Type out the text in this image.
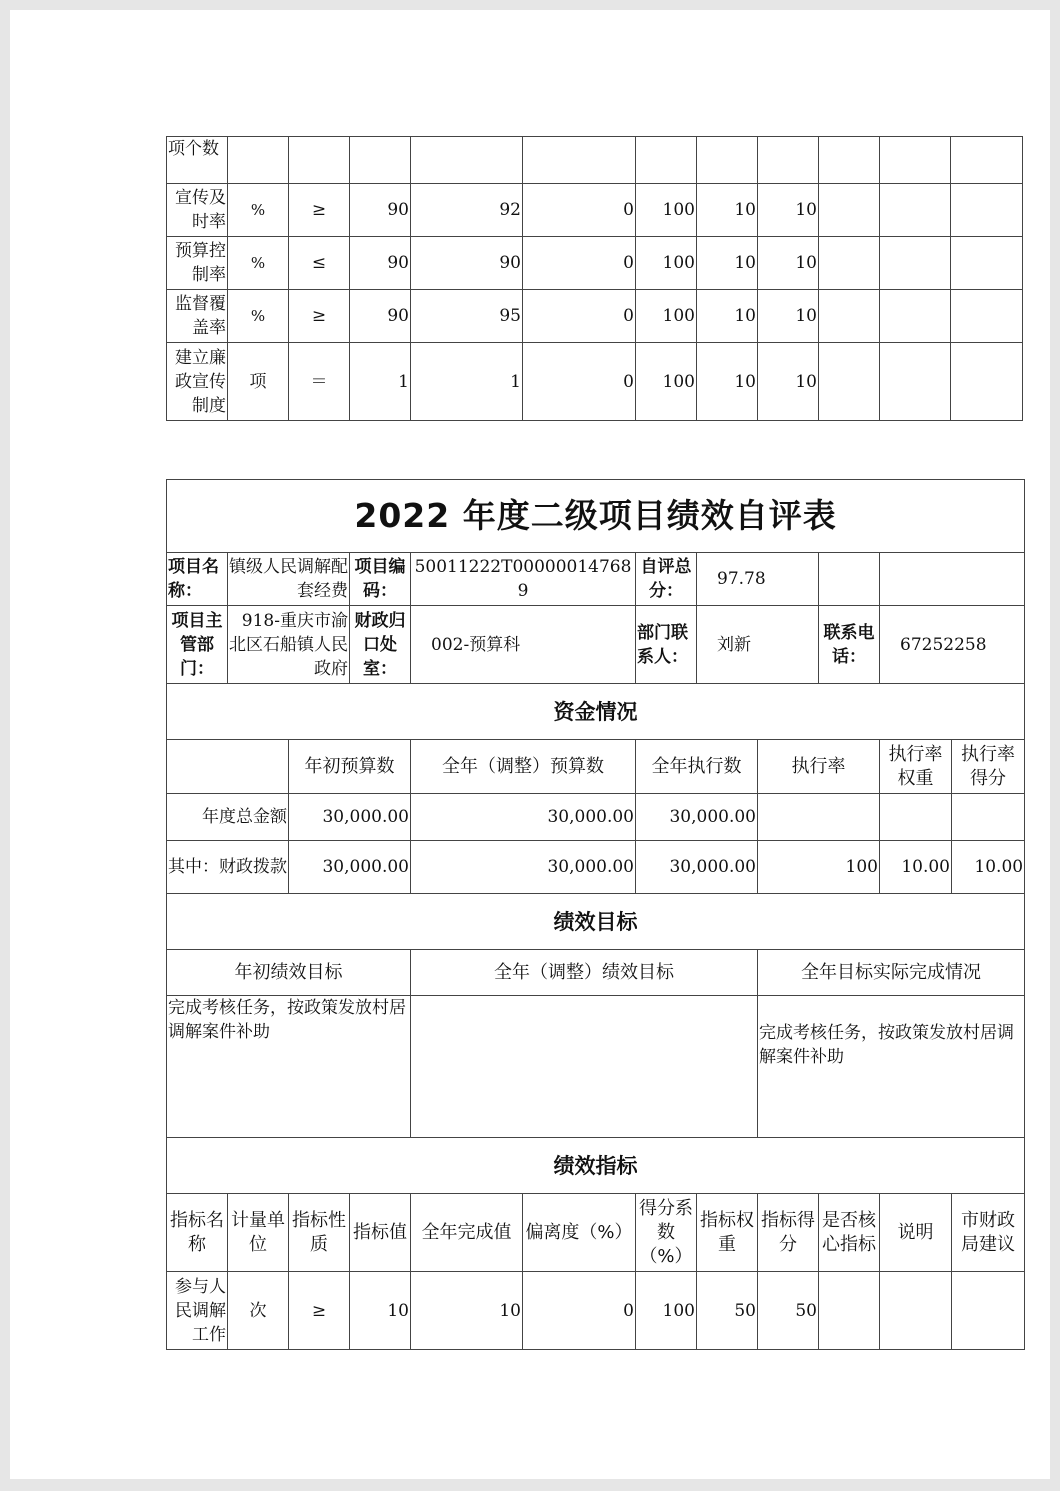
项个数											
宣传及时率	%	≥	90	92	0	100	10	10			
预算控制率	%	≤	90	90	0	100	10	10			
监督覆盖率	%	≥	90	95	0	100	10	10			
建立廉政宣传制度	项	＝	1	1	0	100	10	10			
2022 年度二级项目绩效自评表											
项目名称：	镇级人民调解配套经费		项目编码：	50011222T000000147689		自评总分：	97.78				
项目主管部门：	918-重庆市渝北区石船镇人民政府		财政归口处室：	002-预算科		部门联系人：	刘新		联系电话：	67252258	
资金情况											
		年初预算数		全年（调整）预算数		全年执行数		执行率		执行率权重	执行率得分
年度总金额		30,000.00		30,000.00		30,000.00					
其中：财政拨款		30,000.00		30,000.00		30,000.00		100		10.00	10.00
绩效目标											
年初绩效目标				全年（调整）绩效目标				全年目标实际完成情况			
完成考核任务，按政策发放村居调解案件补助								完成考核任务，按政策发放村居调解案件补助			
绩效指标											
指标名称	计量单位	指标性质	指标值	全年完成值	偏离度（%）	得分系数（%）	指标权重	指标得分	是否核心指标	说明	市财政局建议
参与人民调解工作	次	≥	10	10	0	100	50	50			
